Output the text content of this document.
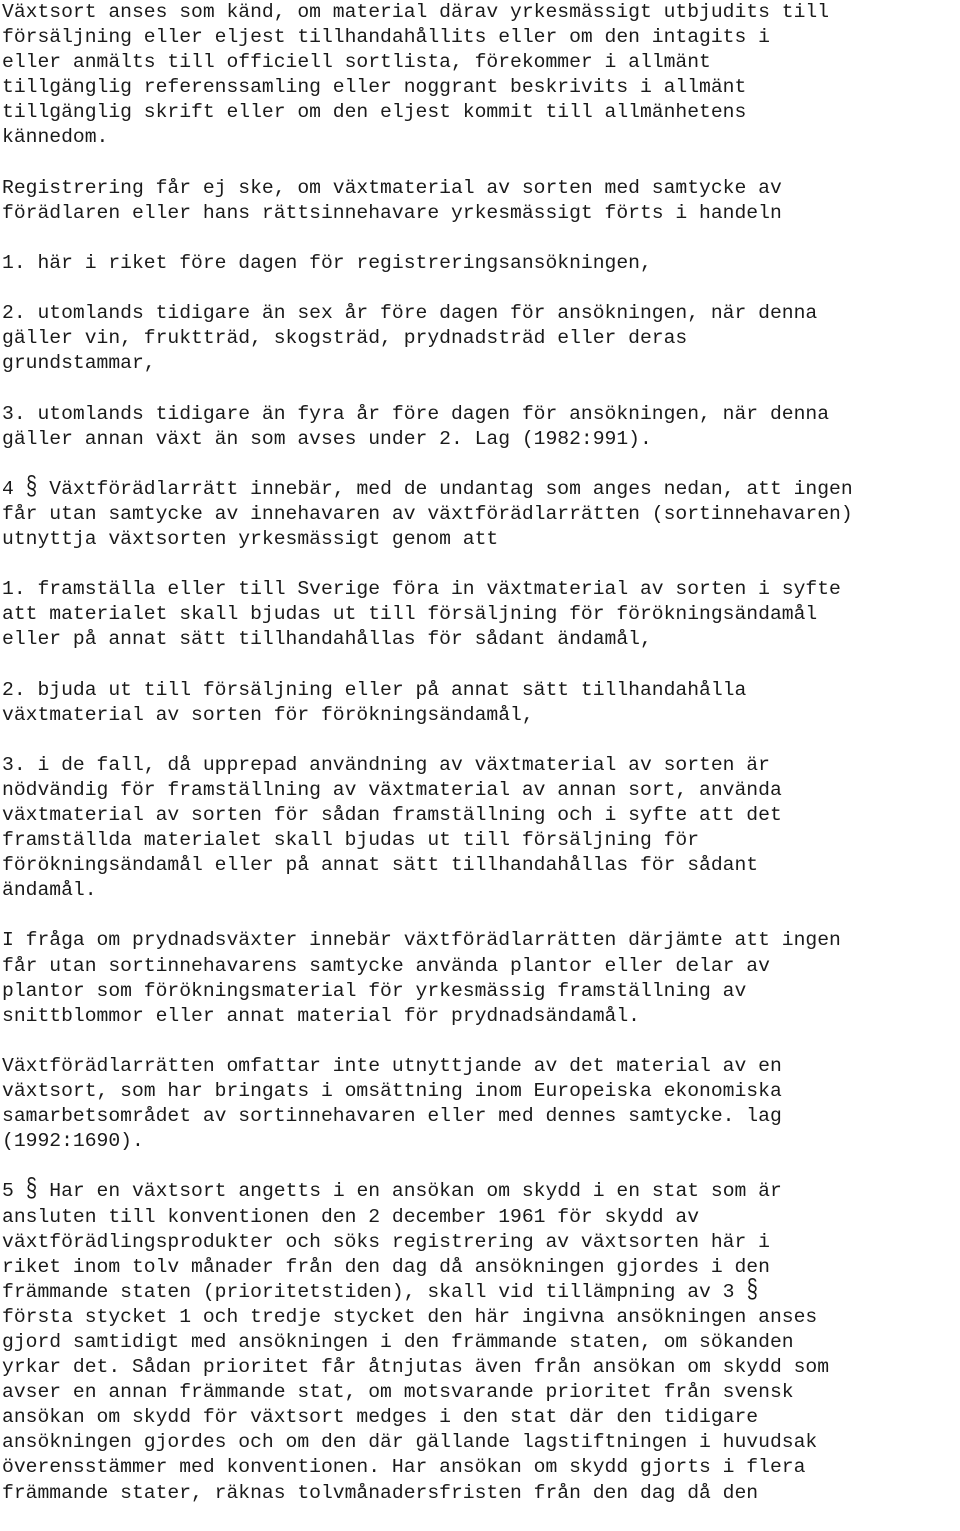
Växtsort anses som känd, om material därav yrkesmässigt utbjudits till
försäljning eller eljest tillhandahållits eller om den intagits i
eller anmälts till officiell sortlista, förekommer i allmänt
tillgänglig referenssamling eller noggrant beskrivits i allmänt
tillgänglig skrift eller om den eljest kommit till allmänhetens
kännedom.
Registrering får ej ske, om växtmaterial av sorten med samtycke av
förädlaren eller hans rättsinnehavare yrkesmässigt förts i handeln
1. här i riket före dagen för registreringsansökningen,
2. utomlands tidigare än sex år före dagen för ansökningen, när denna
gäller vin, fruktträd, skogsträd, prydnadsträd eller deras
grundstammar,
3. utomlands tidigare än fyra år före dagen för ansökningen, när denna
gäller annan växt än som avses under 2. Lag (1982:991).
4 § Växtförädlarrätt innebär, med de undantag som anges nedan, att ingen
får utan samtycke av innehavaren av växtförädlarrätten (sortinnehavaren)
utnyttja växtsorten yrkesmässigt genom att
1. framställa eller till Sverige föra in växtmaterial av sorten i syfte
att materialet skall bjudas ut till försäljning för förökningsändamål
eller på annat sätt tillhandahållas för sådant ändamål,
2. bjuda ut till försäljning eller på annat sätt tillhandahålla
växtmaterial av sorten för förökningsändamål,
3. i de fall, då upprepad användning av växtmaterial av sorten är
nödvändig för framställning av växtmaterial av annan sort, använda
växtmaterial av sorten för sådan framställning och i syfte att det
framställda materialet skall bjudas ut till försäljning för
förökningsändamål eller på annat sätt tillhandahållas för sådant
ändamål.
I fråga om prydnadsväxter innebär växtförädlarrätten därjämte att ingen
får utan sortinnehavarens samtycke använda plantor eller delar av
plantor som förökningsmaterial för yrkesmässig framställning av
snittblommor eller annat material för prydnadsändamål.
Växtförädlarrätten omfattar inte utnyttjande av det material av en
växtsort, som har bringats i omsättning inom Europeiska ekonomiska
samarbetsområdet av sortinnehavaren eller med dennes samtycke. lag
(1992:1690).
5 § Har en växtsort angetts i en ansökan om skydd i en stat som är
ansluten till konventionen den 2 december 1961 för skydd av
växtförädlingsprodukter och söks registrering av växtsorten här i
riket inom tolv månader från den dag då ansökningen gjordes i den
främmande staten (prioritetstiden), skall vid tillämpning av 3 §
första stycket 1 och tredje stycket den här ingivna ansökningen anses
gjord samtidigt med ansökningen i den främmande staten, om sökanden
yrkar det. Sådan prioritet får åtnjutas även från ansökan om skydd som
avser en annan främmande stat, om motsvarande prioritet från svensk
ansökan om skydd för växtsort medges i den stat där den tidigare
ansökningen gjordes och om den där gällande lagstiftningen i huvudsak
överensstämmer med konventionen. Har ansökan om skydd gjorts i flera
främmande stater, räknas tolvmånadersfristen från den dag då den
